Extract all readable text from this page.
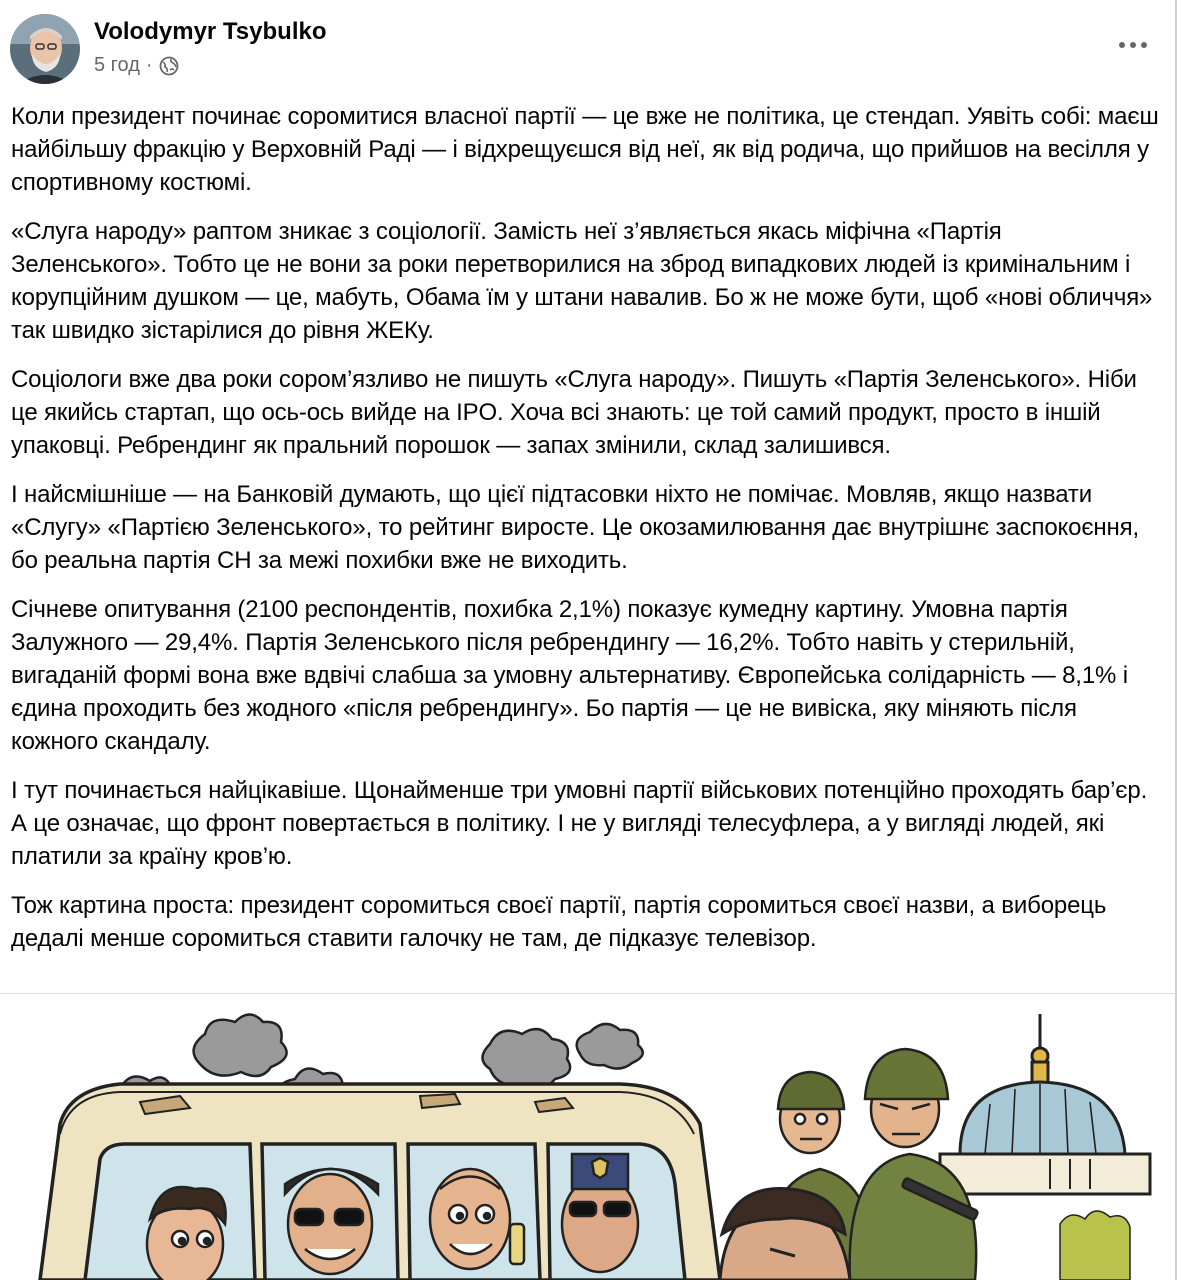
Volodymyr Tsybulko
5 год ·

Коли президент починає соромитися власної партії — це вже не політика, це стендап. Уявіть собі: маєш найбільшу фракцію у Верховній Раді — і відхрещуєшся від неї, як від родича, що прийшов на весілля у спортивному костюмі.

«Слуга народу» раптом зникає з соціології. Замість неї з’являється якась міфічна «Партія Зеленського». Тобто це не вони за роки перетворилися на зброд випадкових людей із кримінальним і корупційним душком — це, мабуть, Обама їм у штани навалив. Бо ж не може бути, щоб «нові обличчя» так швидко зістарілися до рівня ЖЕКу.

Соціологи вже два роки сором’язливо не пишуть «Слуга народу». Пишуть «Партія Зеленського». Ніби це якийсь стартап, що ось-ось вийде на IPO. Хоча всі знають: це той самий продукт, просто в іншій упаковці. Ребрендинг як пральний порошок — запах змінили, склад залишився.

І найсмішніше — на Банковій думають, що цієї підтасовки ніхто не помічає. Мовляв, якщо назвати «Слугу» «Партією Зеленського», то рейтинг виросте. Це окозамилювання дає внутрішнє заспокоєння, бо реальна партія СН за межі похибки вже не виходить.

Січневе опитування (2100 респондентів, похибка 2,1%) показує кумедну картину. Умовна партія Залужного — 29,4%. Партія Зеленського після ребрендингу — 16,2%. Тобто навіть у стерильній, вигаданій формі вона вже вдвічі слабша за умовну альтернативу. Європейська солідарність — 8,1% і єдина проходить без жодного «після ребрендингу». Бо партія — це не вивіска, яку міняють після кожного скандалу.

І тут починається найцікавіше. Щонайменше три умовні партії військових потенційно проходять бар’єр. А це означає, що фронт повертається в політику. І не у вигляді телесуфлера, а у вигляді людей, які платили за країну кров’ю.

Тож картина проста: президент соромиться своєї партії, партія соромиться своєї назви, а виборець дедалі менше соромиться ставити галочку не там, де підказує телевізор.
